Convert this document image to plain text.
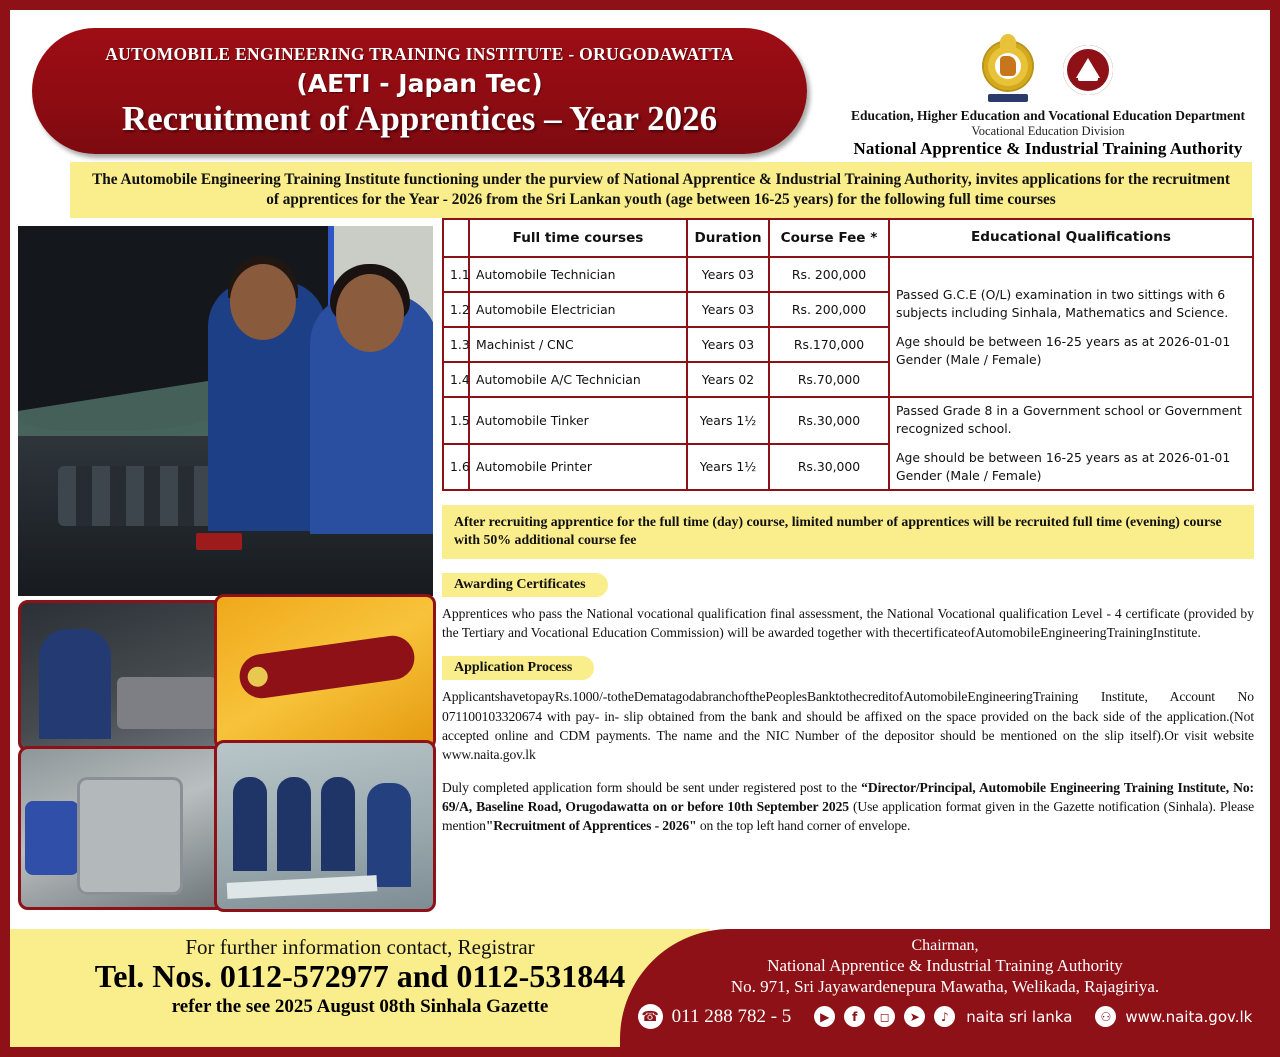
AUTOMOBILE ENGINEERING TRAINING INSTITUTE - ORUGODAWATTA
(AETI - Japan Tec)
Recruitment of Apprentices – Year 2026	Education, Higher Education and Vocational Education Department
Vocational Education Division
National Apprentice & Industrial Training Authority
The Automobile Engineering Training Institute functioning under the purview of National Apprentice & Industrial Training Authority, invites applications for the recruitment of apprentices for the Year - 2026 from the Sri Lankan youth (age between 16-25 years) for the following full time courses
	Full time courses	Duration	Course Fee *	Educational Qualifications
1.1	Automobile Technician	Years 03	Rs. 200,000	Passed G.C.E (O/L) examination in two sittings with 6 subjects including Sinhala, Mathematics and Science.

Age should be between 16-25 years as at 2026-01-01 Gender (Male / Female)

1.2	Automobile Electrician	Years 03	Rs. 200,000	
1.3	Machinist / CNC	Years 03	Rs.170,000	
1.4	Automobile A/C Technician	Years 02	Rs.70,000	
1.5	Automobile Tinker	Years 1½	Rs.30,000	Passed Grade 8 in a Government school or Government recognized school.

Age should be between 16-25 years as at 2026-01-01 Gender (Male / Female)

1.6	Automobile Printer	Years 1½	Rs.30,000	
After recruiting apprentice for the full time (day) course, limited number of apprentices will be recruited full time (evening) course with 50% additional course fee
Awarding Certificates
Apprentices who pass the National vocational qualification final assessment, the National Vocational qualification Level - 4 certificate (provided by the Tertiary and Vocational Education Commission) will be awarded together with thecertificateofAutomobileEngineeringTrainingInstitute.
Application Process

ApplicantshavetopayRs.1000/-totheDematagodabranchofthePeoplesBanktothecreditofAutomobileEngineeringTraining Institute, Account No 071100103320674 with pay- in- slip obtained from the bank and should be affixed on the space provided on the back side of the application.(Not accepted online and CDM payments. The name and the NIC Number of the depositor should be mentioned on the slip itself).Or visit website www.naita.gov.lk

Duly completed application form should be sent under registered post to the “Director/Principal, Automobile Engineering Training Institute, No: 69/A, Baseline Road, Orugodawatta on or before 10th September 2025 (Use application format given in the Gazette notification (Sinhala). Please mention"Recruitment of Apprentices - 2026" on the top left hand corner of envelope.

For further information contact, Registrar
Tel. Nos. 0112-572977 and 0112-531844
refer the see 2025 August 08th Sinhala Gazette
Chairman,
National Apprentice & Industrial Training Authority
No. 971, Sri Jayawardenepura Mawatha, Welikada, Rajagiriya.
☎ 011 288 782 - 5	▶	f	◻	➤	♪	naita sri lanka	⚇ www.naita.gov.lk
